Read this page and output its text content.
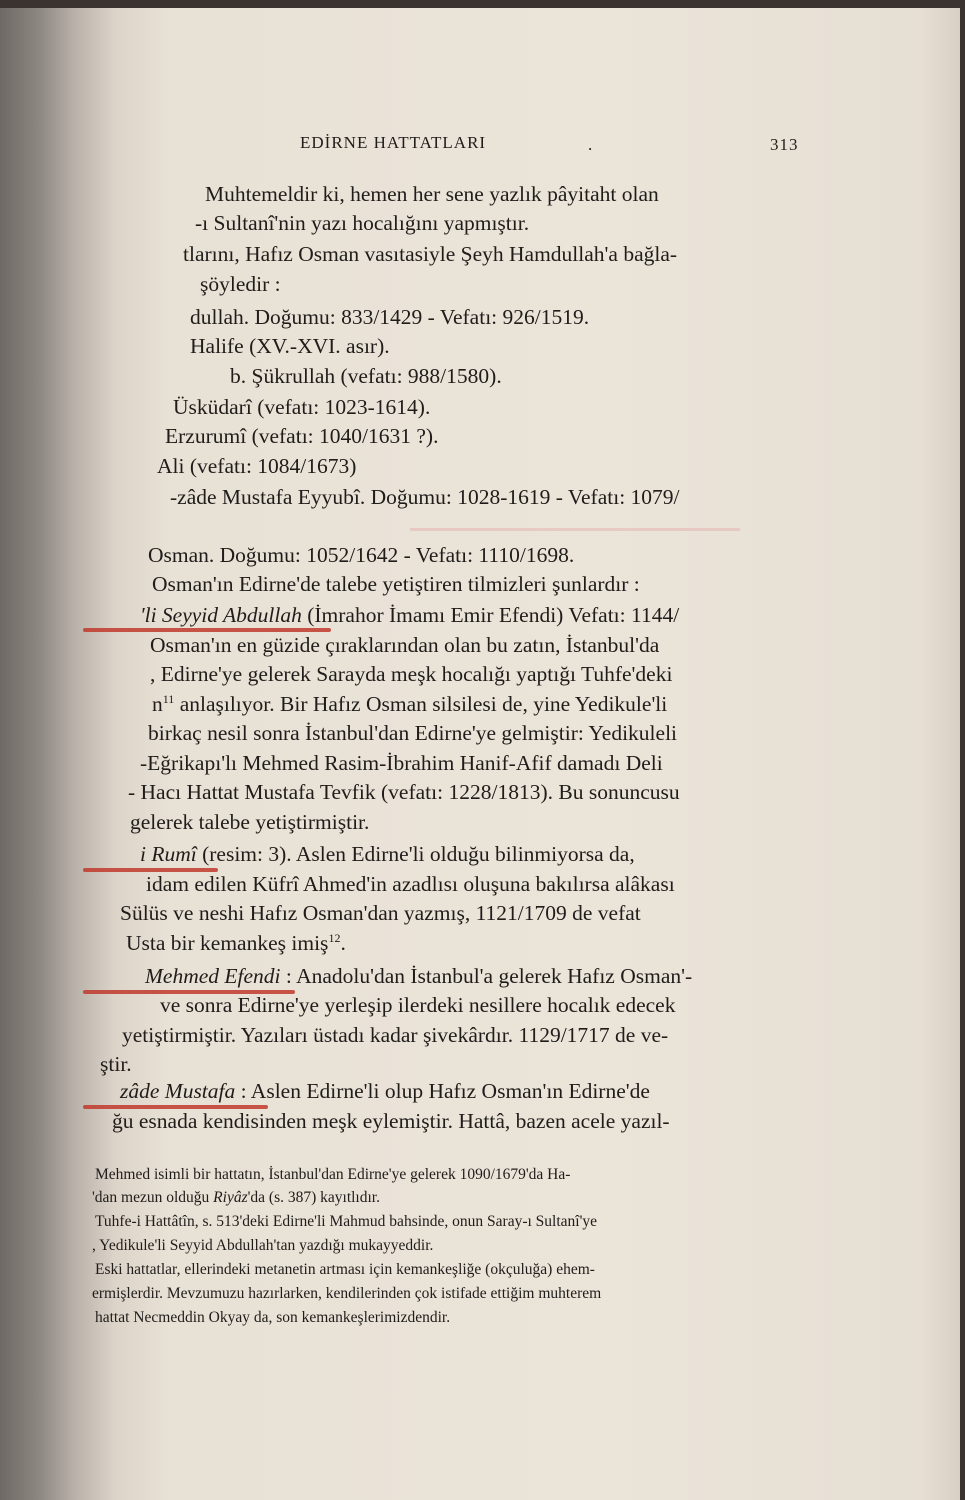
EDİRNE HATTATLARI	.	313
Muhtemeldir ki, hemen her sene yazlık pâyitaht olan
-ı Sultanî'nin yazı hocalığını yapmıştır.
tlarını, Hafız Osman vasıtasiyle Şeyh Hamdullah'a bağla-
şöyledir :
dullah. Doğumu: 833/1429 - Vefatı: 926/1519.
Halife (XV.-XVI. asır).
b. Şükrullah (vefatı: 988/1580).
Üsküdarî (vefatı: 1023-1614).
Erzurumî (vefatı: 1040/1631 ?).
Ali (vefatı: 1084/1673)
-zâde Mustafa Eyyubî. Doğumu: 1028-1619 - Vefatı: 1079/
Osman. Doğumu: 1052/1642 - Vefatı: 1110/1698.
Osman'ın Edirne'de talebe yetiştiren tilmizleri şunlardır :
'li Seyyid Abdullah (İmrahor İmamı Emir Efendi) Vefatı: 1144/
Osman'ın en güzide çıraklarından olan bu zatın, İstanbul'da
, Edirne'ye gelerek Sarayda meşk hocalığı yaptığı Tuhfe'deki
$n^{11}$ anlaşılıyor. Bir Hafız Osman silsilesi de, yine Yedikule'li
birkaç nesil sonra İstanbul'dan Edirne'ye gelmiştir: Yedikuleli
-Eğrikapı'lı Mehmed Rasim-İbrahim Hanif-Afif damadı Deli
- Hacı Hattat Mustafa Tevfik (vefatı: 1228/1813). Bu sonuncusu
gelerek talebe yetiştirmiştir.
i Rumî (resim: 3). Aslen Edirne'li olduğu bilinmiyorsa da,
idam edilen Küfrî Ahmed'in azadlısı oluşuna bakılırsa alâkası
Sülüs ve neshi Hafız Osman'dan yazmış, 1121/1709 de vefat
Usta bir kemankeş imiş$^{12}$.
Mehmed Efendi : Anadolu'dan İstanbul'a gelerek Hafız Osman'-
ve sonra Edirne'ye yerleşip ilerdeki nesillere hocalık edecek
yetiştirmiştir. Yazıları üstadı kadar şivekârdır. 1129/1717 de ve-
ştir.
zâde Mustafa : Aslen Edirne'li olup Hafız Osman'ın Edirne'de
ğu esnada kendisinden meşk eylemiştir. Hattâ, bazen acele yazıl-
Mehmed isimli bir hattatın, İstanbul'dan Edirne'ye gelerek 1090/1679'da Ha-
'dan mezun olduğu Riyâz'da (s. 387) kayıtlıdır.
Tuhfe-i Hattâtîn, s. 513'deki Edirne'li Mahmud bahsinde, onun Saray-ı Sultanî'ye
, Yedikule'li Seyyid Abdullah'tan yazdığı mukayyeddir.
Eski hattatlar, ellerindeki metanetin artması için kemankeşliğe (okçuluğa) ehem-
ermişlerdir. Mevzumuzu hazırlarken, kendilerinden çok istifade ettiğim muhterem
hattat Necmeddin Okyay da, son kemankeşlerimizdendir.
